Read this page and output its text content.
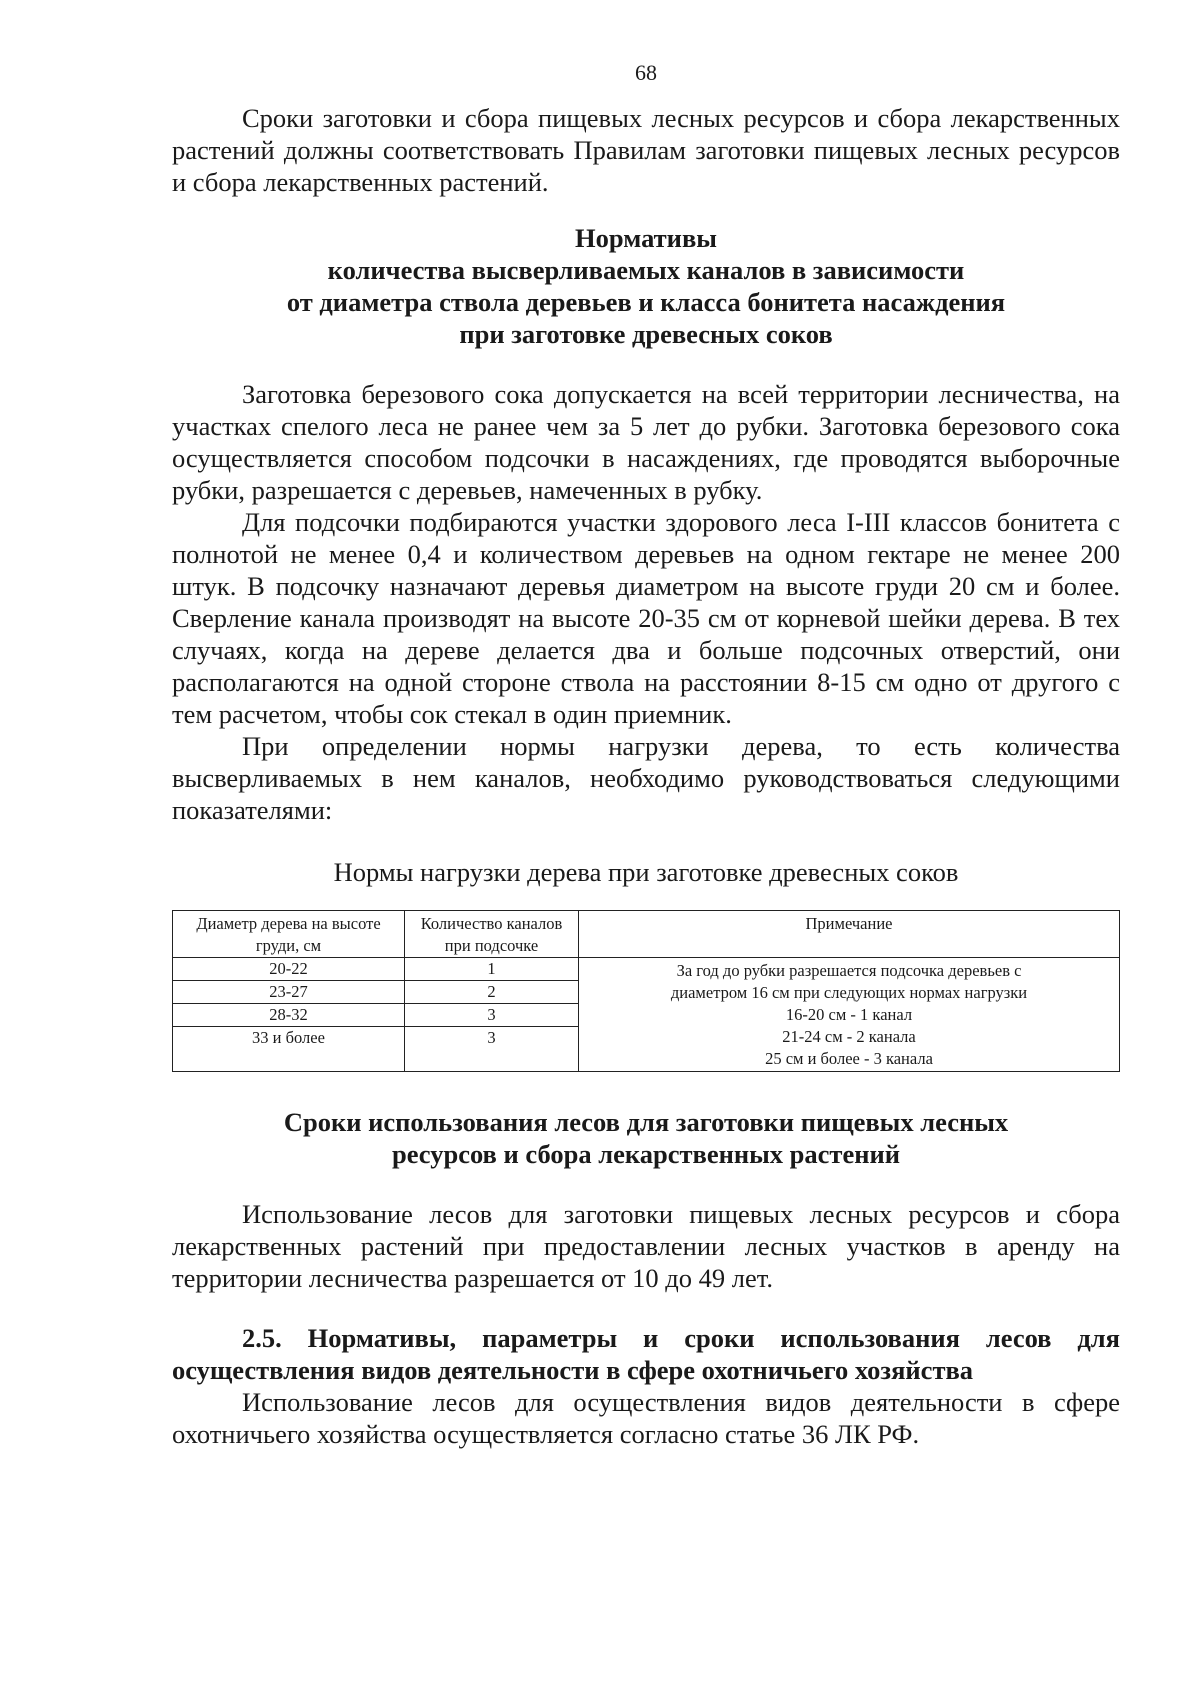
68

Сроки заготовки и сбора пищевых лесных ресурсов и сбора лекарственных растений должны соответствовать Правилам заготовки пищевых лесных ресурсов и сбора лекарственных растений.

Нормативы
количества высверливаемых каналов в зависимости
от диаметра ствола деревьев и класса бонитета насаждения
при заготовке древесных соков

Заготовка березового сока допускается на всей территории лесничества, на участках спелого леса не ранее чем за 5 лет до рубки. Заготовка березового сока осуществляется способом подсочки в насаждениях, где проводятся выборочные рубки, разрешается с деревьев, намеченных в рубку.

Для подсочки подбираются участки здорового леса I-III классов бонитета с полнотой не менее 0,4 и количеством деревьев на одном гектаре не менее 200 штук. В подсочку назначают деревья диаметром на высоте груди 20 см и более. Сверление канала производят на высоте 20-35 см от корневой шейки дерева. В тех случаях, когда на дереве делается два и больше подсочных отверстий, они располагаются на одной стороне ствола на расстоянии 8-15 см одно от другого с тем расчетом, чтобы сок стекал в один приемник.

При определении нормы нагрузки дерева, то есть количества высверливаемых в нем каналов, необходимо руководствоваться следующими показателями:

Нормы нагрузки дерева при заготовке древесных соков
Диаметр дерева на высоте груди, см	Количество каналов при подсочке	Примечание
20-22	1	За год до рубки разрешается подсочка деревьев с
диаметром 16 см при следующих нормах нагрузки
16-20 см - 1 канал
21-24 см - 2 канала
25 см и более - 3 канала

23-27	2	
28-32	3	
33 и более	3	
Сроки использования лесов для заготовки пищевых лесных
ресурсов и сбора лекарственных растений

Использование лесов для заготовки пищевых лесных ресурсов и сбора лекарственных растений при предоставлении лесных участков в аренду на территории лесничества разрешается от 10 до 49 лет.

2.5. Нормативы, параметры и сроки использования лесов для осуществления видов деятельности в сфере охотничьего хозяйства

Использование лесов для осуществления видов деятельности в сфере охотничьего хозяйства осуществляется согласно статье 36 ЛК РФ.
